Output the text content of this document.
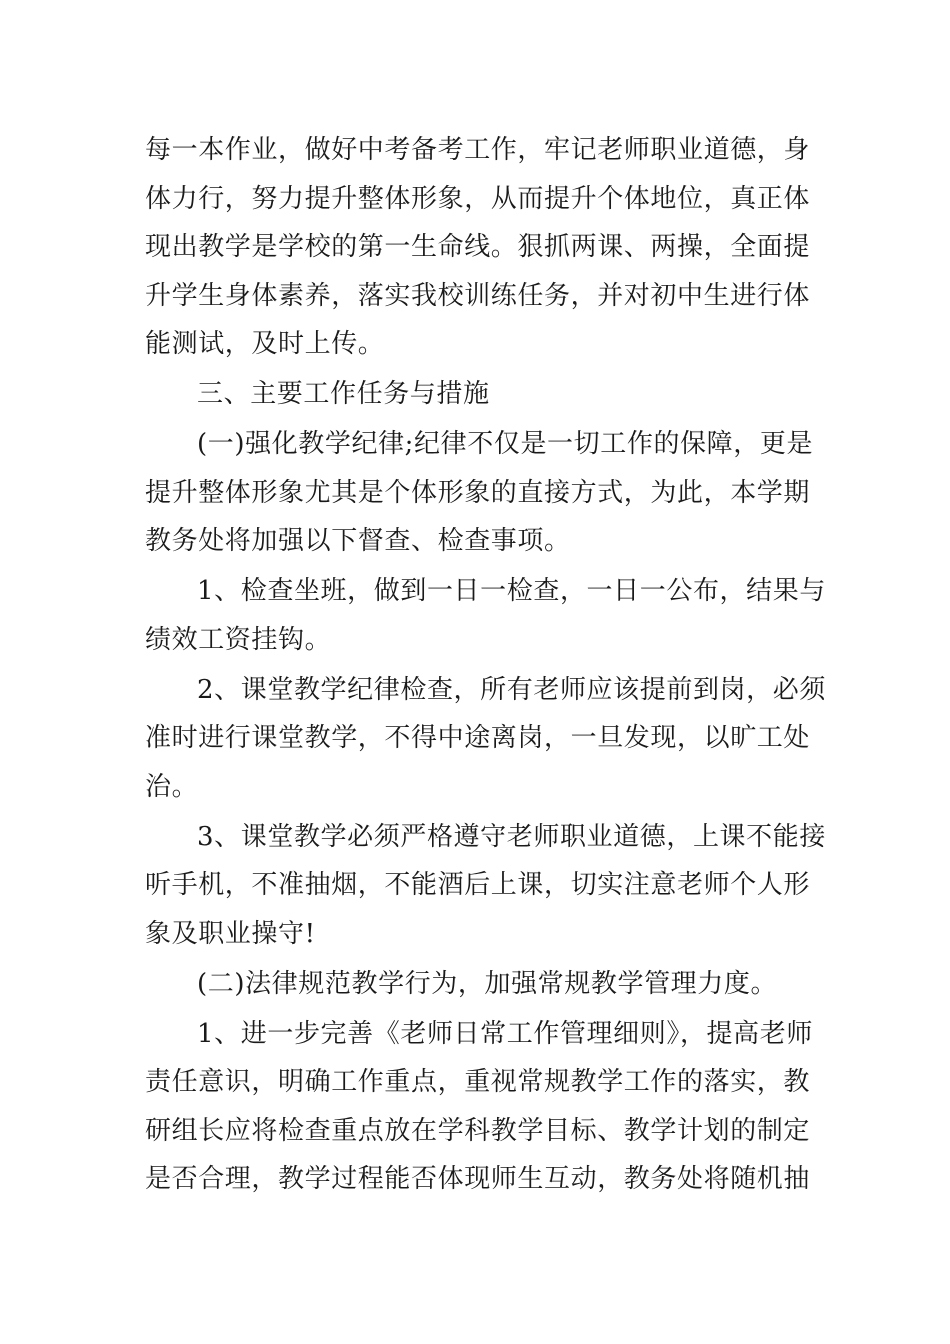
每一本作业，做好中考备考工作，牢记老师职业道德，身
体力行，努力提升整体形象，从而提升个体地位，真正体
现出教学是学校的第一生命线。狠抓两课、两操，全面提
升学生身体素养，落实我校训练任务，并对初中生进行体
能测试，及时上传。
三、主要工作任务与措施
(一)强化教学纪律;纪律不仅是一切工作的保障，更是
提升整体形象尤其是个体形象的直接方式，为此，本学期
教务处将加强以下督查、检查事项。
1、检查坐班，做到一日一检查，一日一公布，结果与
绩效工资挂钩。
2、课堂教学纪律检查，所有老师应该提前到岗，必须
准时进行课堂教学，不得中途离岗，一旦发现，以旷工处
治。
3、课堂教学必须严格遵守老师职业道德，上课不能接
听手机，不准抽烟，不能酒后上课，切实注意老师个人形
象及职业操守!
(二)法律规范教学行为，加强常规教学管理力度。
1、进一步完善《老师日常工作管理细则》，提高老师
责任意识，明确工作重点，重视常规教学工作的落实，教
研组长应将检查重点放在学科教学目标、教学计划的制定
是否合理，教学过程能否体现师生互动，教务处将随机抽
